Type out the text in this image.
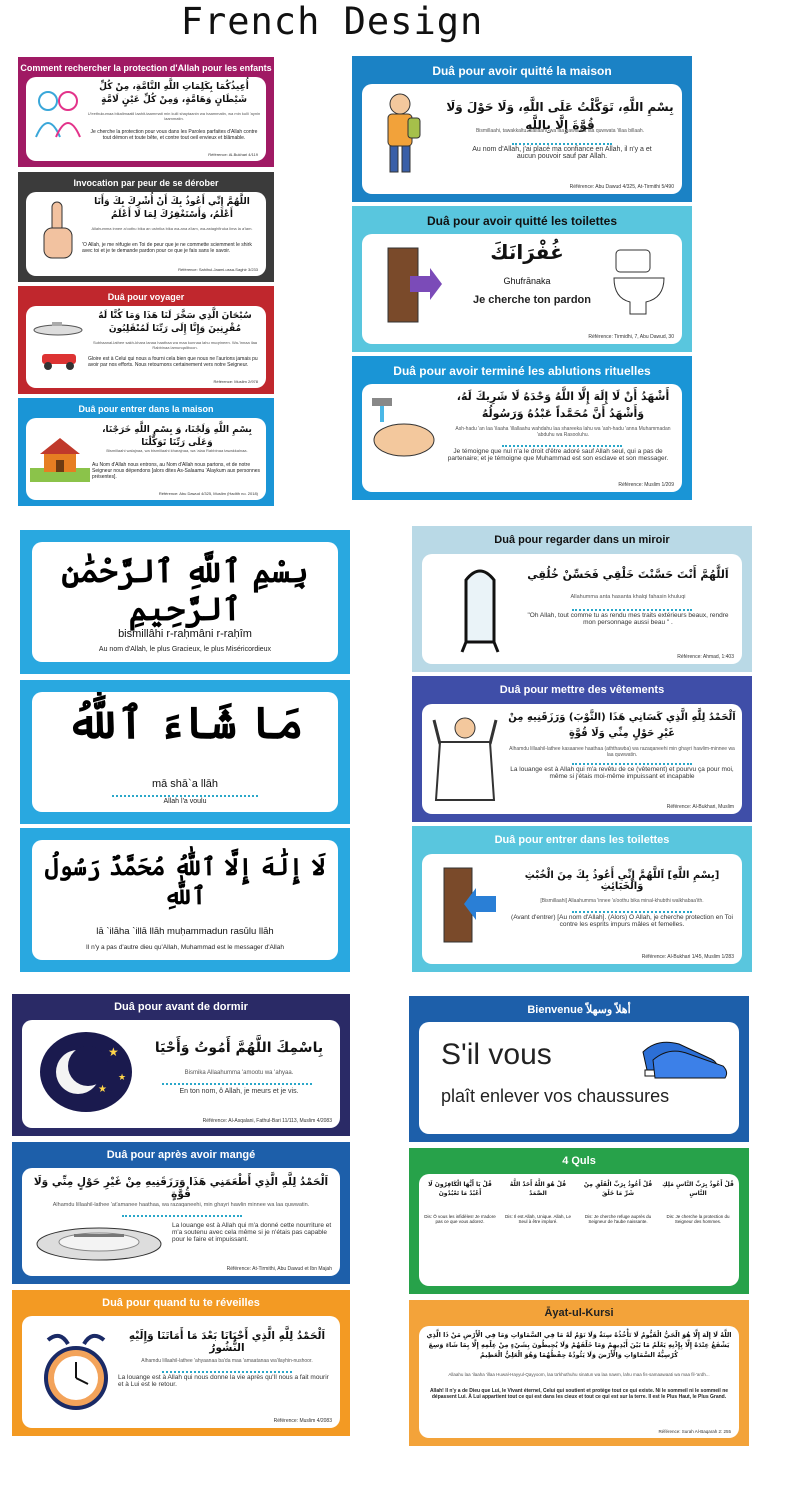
French Design
Comment rechercher la protection d'Allah pour les enfants
أُعِيذُكُمَا بِكَلِمَاتِ اللَّهِ التَّامَّةِ، مِنْ كُلِّ شَيْطَانٍ وَهَامَّةٍ، وَمِنْ كُلِّ عَيْنٍ لَامَّةٍ
U'eethukumaa bikalimaatil laahit-taammati min kulli shaytaanin wa haammatin, wa min kulli 'aynin laammatin.
Je cherche la protection pour vous dans les Paroles parfaites d'Allah contre tout démon et toute bête, et contre tout oeil envieux et blâmable.
Référence: Al-Bukhari 4/119
Invocation par peur de se dérober
اللَّهُمَّ إِنِّي أَعُوذُ بِكَ أَنْ أُشْرِكَ بِكَ وَأَنَا أَعْلَمُ، وَأَسْتَغْفِرُكَ لِمَا لَا أَعْلَمُ
Allahumma innee a'oothu bika an ushrika bika wa-ana a'lam, wa-astaghfiruka lima la a'lam.
'O Allah, je me réfugie en Toi de peur que je ne commette sciemment le shirk avec toi et je te demande pardon pour ce que je fais sans le savoir.
Référence: Sahihul-Jaami-ussa-Saghir 3/233
Duâ pour voyager
سُبْحَانَ الَّذِي سَخَّرَ لَنَا هَذَا وَمَا كُنَّا لَهُ مُقْرِنِينَ وَإِنَّا إِلَى رَبِّنَا لَمُنْقَلِبُونَ
Subhaanal-lathee sakh-khara lanaa haathaa wa maa kunnaa lahu muqrineen. Wa-'innaa ilaa Rabbinaa lamunqaliboon.
Gloire est à Celui qui nous a fourni cela bien que nous ne l'aurions jamais pu avoir par nos efforts. Nous retournons certainement vers notre Seigneur.
Référence: Muslim 2/978
Duâ pour entrer dans la maison
بِسْمِ اللَّهِ وَلَجْنَا، وَ بِسْمِ اللَّهِ خَرَجْنَا، وَعَلَى رَبِّنَا تَوَكَّلْنَا
Bismillaahi walajnaa, wa bismillaahi kharajnaa, wa 'alaa Rabbinaa tawakkalnaa.
Au Nom d'Allah nous entrons, au Nom d'Allah nous partons, et de notre Seigneur nous dépendons [alors dites As-Salaamu 'Alaykum aux personnes présentes].
Référence: Abu Dawud 4/325, Muslim (Hadith no. 2018)
Duâ pour avoir quitté la maison
بِسْمِ اللَّهِ، تَوَكَّلْتُ عَلَى اللَّهِ، وَلَا حَوْلَ وَلَا قُوَّةَ إِلَّا بِاللَّهِ
Bismillaahi, tawakkaltu 'alallaahi, wa laa hawla wa laa quwwata 'illaa billaah.
Au nom d'Allah, j'ai placé ma confiance en Allah, il n'y a et aucun pouvoir sauf par Allah.
Référence: Abu Dawud 4/325, At-Tirmithi 5/490
Duâ pour avoir quitté les toilettes
غُفْرَانَكَ
Ghufrānaka
Je cherche ton pardon
Référence: Tirmidhi, 7, Abu Dawud, 30
Duâ pour avoir terminé les ablutions rituelles
أَشْهَدُ أَنْ لَا إِلَهَ إِلَّا اللَّهُ وَحْدَهُ لَا شَرِيكَ لَهُ، وَأَشْهَدُ أَنَّ مُحَمَّداً عَبْدُهُ وَرَسُولُهُ
Ash-hadu 'an laa 'ilaaha 'illallaahu wahdahu laa shareeka lahu wa 'ash-hadu 'anna Muhammadan 'abduhu wa Rasooluhu.
Je témoigne que nul n'a le droit d'être adoré sauf Allah seul, qui a pas de partenaire; et je témoigne que Muhammad est son esclave et son messager.
Référence: Muslim 1/209
بِسْمِ ٱللَّهِ ٱلرَّحْمَٰنِ ٱلرَّحِيمِ
bismillâhi r-raḥmâni r-raḥîm
Au nom d'Allah, le plus Gracieux, le plus Miséricordieux
مَا شَاءَ ٱللَّٰهُ
mā shā`a llāh
Allah l'a voulu
لَا إِلَٰهَ إِلَّا ٱللَّٰهُ مُحَمَّدٌ رَسُولُ ٱللَّٰهِ
lā `ilāha `illā llāh muḥammadun rasūlu llāh
Il n'y a pas d'autre dieu qu'Allah, Muhammad est le messager d'Allah
Duâ pour regarder dans un miroir
اَللَّهُمَّ أَنْتَ حَسَّنْتَ خَلْقِي فَحَسِّنْ خُلُقِي
Allahumma anta hasanta khalqi fahasin khuluqi
"Oh Allah, tout comme tu as rendu mes traits extérieurs beaux, rendre mon personnage aussi beau " .
Référence: Ahmad, 1:403
Duâ pour mettre des vêtements
اَلْحَمْدُ لِلَّهِ الَّذِي كَسَانِي هَذَا (الثَّوْبَ) وَرَزَقَنِيهِ مِنْ غَيْرِ حَوْلٍ مِنِّي وَلَا قُوَّةٍ
Alhamdu lillaahil-lathee kasaanee haathaa (aththawba) wa razaqaneehi min ghayri hawlim-minnee wa laa quwwatin.
La louange est à Allah qui m'a revêtu de ce (vêtement) et pourvu ça pour moi, même si j'étais moi-même impuissant et incapable
Référence: Al-Bukhari, Muslim
Duâ pour entrer dans les toilettes
[بِسْمِ اللَّهِ] اَللَّهُمَّ إِنِّي أَعُوذُ بِكَ مِنَ الْخُبْثِ وَالْخَبَائِثِ
[Bismillaahi] Allaahumma 'innee 'a'oothu bika minal-khubthi walkhabaa'ith.
(Avant d'entrer) [Au nom d'Allah]. (Alors) O Allah, je cherche protection en Toi contre les esprits impurs mâles et femelles.
Référence: Al-Bukhari 1/45, Muslim 1/283
Duâ pour avant de dormir
★
★
★
بِاسْمِكَ اللَّهُمَّ أَمُوتُ وَأَحْيَا
Bismika Allaahumma 'amootu wa 'ahyaa.
En ton nom, ô Allah, je meurs et je vis.
Référence: Al-Asqalani, Fathul-Bari 11/113, Muslim 4/2083
Duâ pour après avoir mangé
اَلْحَمْدُ لِلَّهِ الَّذِي أَطْعَمَنِي هَذَا وَرَزَقَنِيهِ مِنْ غَيْرِ حَوْلٍ مِنِّي وَلَا قُوَّةٍ
Alhamdu lillaahil-lathee 'at'amanee haathaa, wa razaqaneehi, min ghayri hawlin minnee wa laa quwwatin.
La louange est à Allah qui m'a donné cette nourriture et m'a soutenu avec cela même si je n'étais pas capable pour le faire et impuissant.
Référence: At-Tirmithi, Abu Dawud et Ibn Majah
Duâ pour quand tu te réveilles
اَلْحَمْدُ لِلَّهِ الَّذِي أَحْيَانَا بَعْدَ مَا أَمَاتَنَا وَإِلَيْهِ النُّشُورُ
Alhamdu lillaahil-lathee 'ahyaanaa ba'da maa 'amaatanaa wa'ilayhin-nushoor.
La louange est à Allah qui nous donne la vie après qu'Il nous a fait mourir et à Lui est le retour.
Référence: Muslim 4/2083
Bienvenue أهلاً وسهلاً
S'il vous
plaît enlever vos chaussures
4 Quls
قُلْ يَا أَيُّهَا الْكَافِرُونَ لَا أَعْبُدُ مَا تَعْبُدُونَ
Dis: Ô vous les infidèles! Je n'adore pas ce que vous adorez.
قُلْ هُوَ اللَّهُ أَحَدٌ اللَّهُ الصَّمَدُ
Dis: Il est Allah, Unique. Allah, Le Seul à être imploré.
قُلْ أَعُوذُ بِرَبِّ الْفَلَقِ مِنْ شَرِّ مَا خَلَقَ
Dis: Je cherche refuge auprès du Seigneur de l'aube naissante.
قُلْ أَعُوذُ بِرَبِّ النَّاسِ مَلِكِ النَّاسِ
Dis: Je cherche la protection du Seigneur des hommes.
Āyat-ul-Kursi
اللَّهُ لَا إِلَهَ إِلَّا هُوَ الْحَيُّ الْقَيُّومُ لَا تَأْخُذُهُ سِنَةٌ وَلَا نَوْمٌ لَهُ مَا فِي السَّمَاوَاتِ وَمَا فِي الْأَرْضِ مَنْ ذَا الَّذِي يَشْفَعُ عِنْدَهُ إِلَّا بِإِذْنِهِ يَعْلَمُ مَا بَيْنَ أَيْدِيهِمْ وَمَا خَلْفَهُمْ وَلَا يُحِيطُونَ بِشَيْءٍ مِنْ عِلْمِهِ إِلَّا بِمَا شَاءَ وَسِعَ كُرْسِيُّهُ السَّمَاوَاتِ وَالْأَرْضَ وَلَا يَئُودُهُ حِفْظُهُمَا وَهُوَ الْعَلِيُّ الْعَظِيمُ
Allaahu laa 'ilaaha 'illaa Huwal-Hayyul-Qayyoom, laa ta'khuthuhu sinatun wa laa nawm, lahu maa fis-samaawaati wa maa fil-'ardh...
Allah! Il n'y a de Dieu que Lui, le Vivant éternel, Celui qui soutient et protège tout ce qui existe. Ni le sommeil ni le sommeil ne dépassent Lui. À Lui appartient tout ce qui est dans les cieux et tout ce qui est sur la terre. Il est le Plus Haut, le Plus Grand.
Référence: Surah Al-Baqarah 2: 255
